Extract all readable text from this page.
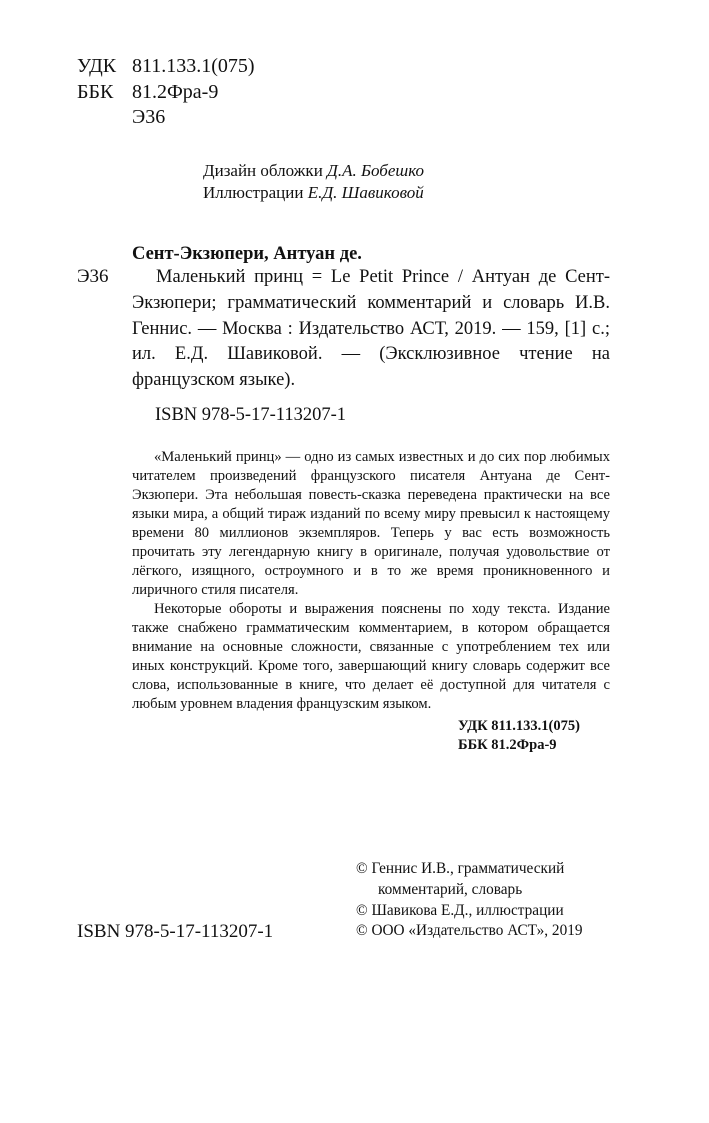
УДК 811.133.1(075)
ББК 81.2Фра-9
Э36
Дизайн обложки Д.А. Бобешко
Иллюстрации Е.Д. Шавиковой
Сент-Экзюпери, Антуан де.
Э36	Маленький принц = Le Petit Prince / Антуан де Сент-Экзюпери; грамматический комментарий и словарь И.В. Геннис. — Москва : Издательство АСТ, 2019. — 159, [1] с.; ил. Е.Д. Шавиковой. — (Эксклюзивное чтение на французском языке).
ISBN 978-5-17-113207-1

«Маленький принц» — одно из самых известных и до сих пор любимых читателем произведений французского писателя Антуана де Сент-Экзюпери. Эта небольшая повесть-сказка переведена практически на все языки мира, а общий тираж изданий по всему миру превысил к настоящему времени 80 миллионов экземпляров. Теперь у вас есть возможность прочитать эту легендарную книгу в оригинале, получая удовольствие от лёгкого, изящного, остроумного и в то же время проникновенного и лиричного стиля писателя.

Некоторые обороты и выражения пояснены по ходу текста. Издание также снабжено грамматическим комментарием, в котором обращается внимание на основные сложности, связанные с употреблением тех или иных конструкций. Кроме того, завершающий книгу словарь содержит все слова, использованные в книге, что делает её доступной для читателя с любым уровнем владения французским языком.

УДК 811.133.1(075)
ББК 81.2Фра-9
ISBN 978-5-17-113207-1
© Геннис И.В., грамматический
комментарий, словарь
© Шавикова Е.Д., иллюстрации
© ООО «Издательство АСТ», 2019
